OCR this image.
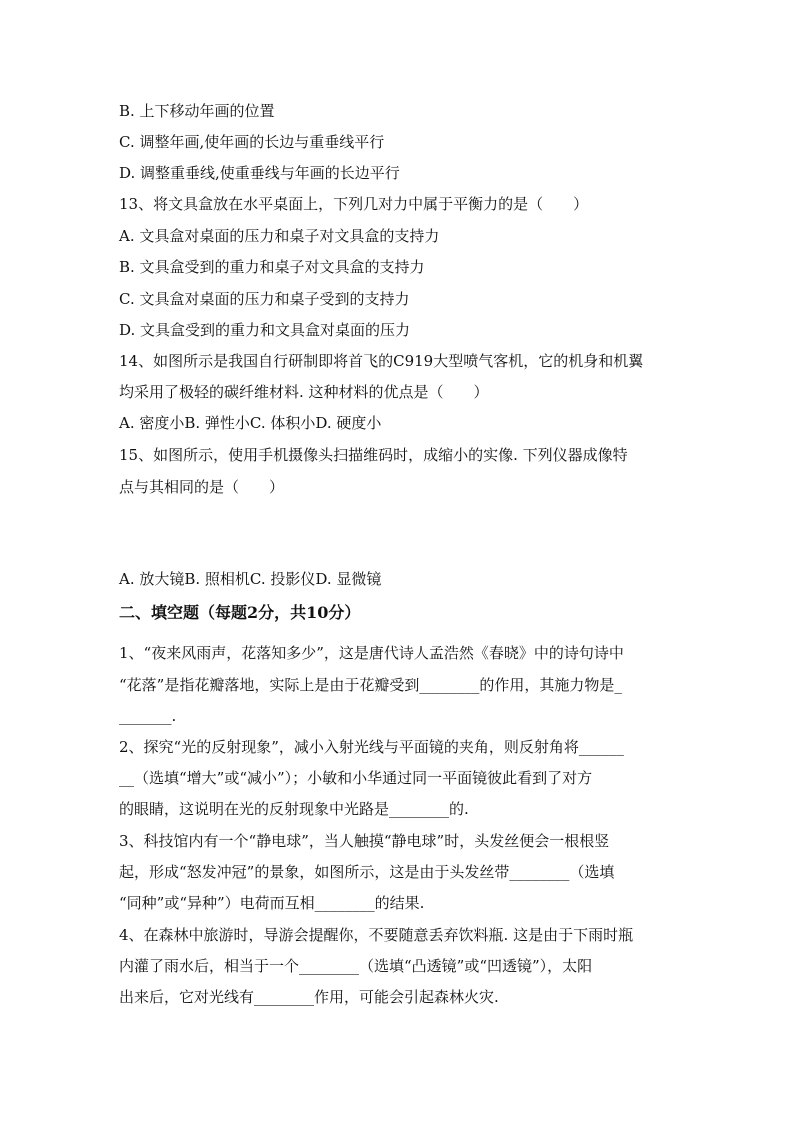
B. 上下移动年画的位置
C. 调整年画,使年画的长边与重垂线平行
D. 调整重垂线,使重垂线与年画的长边平行
13、将文具盒放在水平桌面上，下列几对力中属于平衡力的是（　　）
A. 文具盒对桌面的压力和桌子对文具盒的支持力
B. 文具盒受到的重力和桌子对文具盒的支持力
C. 文具盒对桌面的压力和桌子受到的支持力
D. 文具盒受到的重力和文具盒对桌面的压力
14、如图所示是我国自行研制即将首飞的C919大型喷气客机，它的机身和机翼
均采用了极轻的碳纤维材料. 这种材料的优点是（　　）
A. 密度小B. 弹性小C. 体积小D. 硬度小
15、如图所示，使用手机摄像头扫描维码时，成缩小的实像. 下列仪器成像特
点与其相同的是（　　）
A. 放大镜B. 照相机C. 投影仪D. 显微镜
二、填空题（每题2分，共10分）
1、“夜来风雨声，花落知多少”，这是唐代诗人孟浩然《春晓》中的诗句诗中
“花落”是指花瓣落地，实际上是由于花瓣受到________的作用，其施力物是_
_______.
2、探究“光的反射现象”，减小入射光线与平面镜的夹角，则反射角将______
__（选填“增大”或“减小”）；小敏和小华通过同一平面镜彼此看到了对方
的眼睛，这说明在光的反射现象中光路是________的.
3、科技馆内有一个“静电球”，当人触摸“静电球”时，头发丝便会一根根竖
起，形成“怒发冲冠”的景象，如图所示，这是由于头发丝带________（选填
“同种”或“异种”）电荷而互相________的结果.
4、在森林中旅游时，导游会提醒你，不要随意丢弃饮料瓶. 这是由于下雨时瓶
内灌了雨水后，相当于一个________（选填“凸透镜”或“凹透镜”），太阳
出来后，它对光线有________作用，可能会引起森林火灾.
